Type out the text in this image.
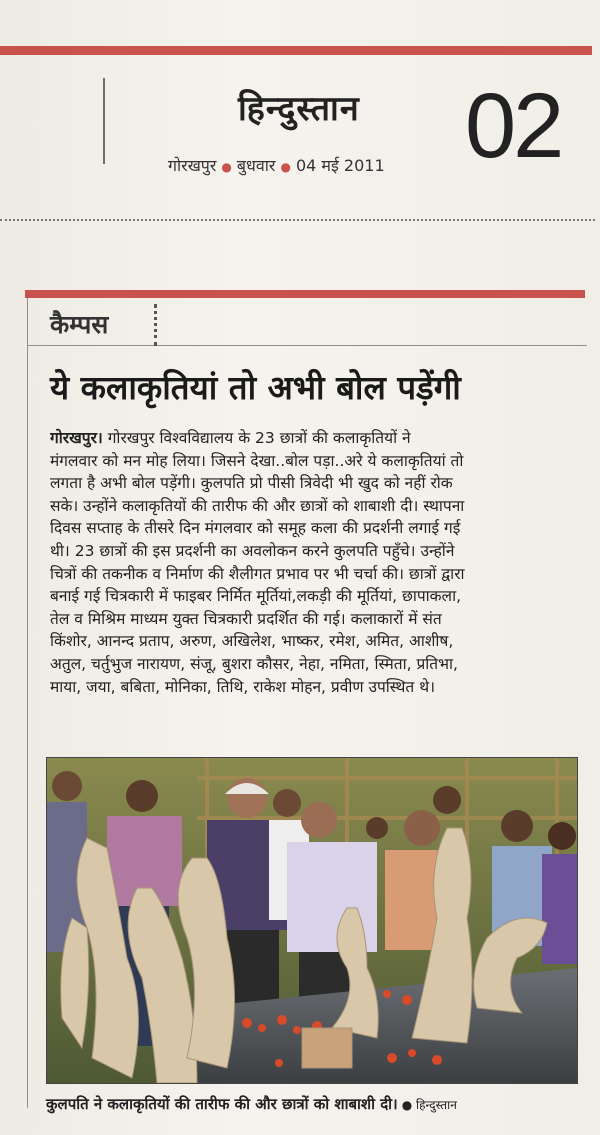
हिन्दुस्तान
गोरखपुर ● बुधवार ● 04 मई 2011 02
कैम्पस
ये कलाकृतियां तो अभी बोल पड़ेंगी
गोरखपुर। गोरखपुर विश्वविद्यालय के 23 छात्रों की कलाकृतियों ने
मंगलवार को मन मोह लिया। जिसने देखा..बोल पड़ा..अरे ये कलाकृतियां तो
लगता है अभी बोल पड़ेंगी। कुलपति प्रो पीसी त्रिवेदी भी खुद को नहीं रोक
सके। उन्होंने कलाकृतियों की तारीफ की और छात्रों को शाबाशी दी। स्थापना
दिवस सप्ताह के तीसरे दिन मंगलवार को समूह कला की प्रदर्शनी लगाई गई
थी। 23 छात्रों की इस प्रदर्शनी का अवलोकन करने कुलपति पहुँचे। उन्होंने
चित्रों की तकनीक व निर्माण की शैलीगत प्रभाव पर भी चर्चा की। छात्रों द्वारा
बनाई गई चित्रकारी में फाइबर निर्मित मूर्तियां,लकड़ी की मूर्तियां, छापाकला,
तेल व मिश्रिम माध्यम युक्त चित्रकारी प्रदर्शित की गई। कलाकारों में संत
किंशोर, आनन्द प्रताप, अरुण, अखिलेश, भाष्कर, रमेश, अमित, आशीष,
अतुल, चर्तुभुज नारायण, संजू, बुशरा कौसर, नेहा, नमिता, स्मिता, प्रतिभा,
माया, जया, बबिता, मोनिका, तिथि, राकेश मोहन, प्रवीण उपस्थित थे।
कुलपति ने कलाकृतियों की तारीफ की और छात्रों को शाबाशी दी। ● हिन्दुस्तान
